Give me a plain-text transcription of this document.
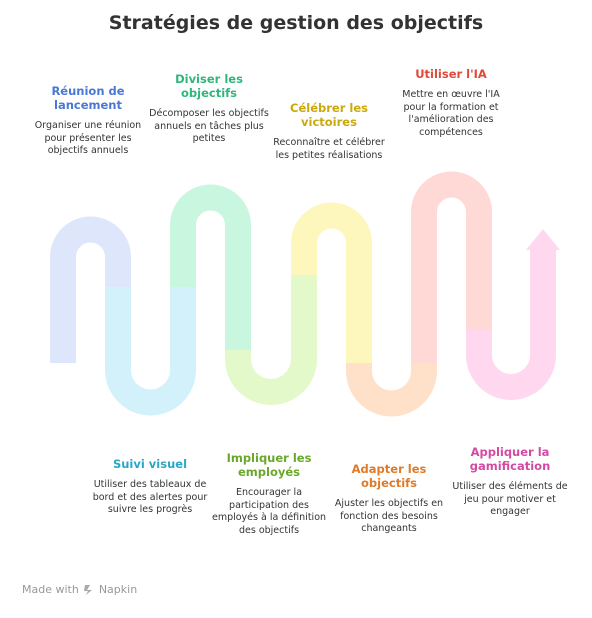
Stratégies de gestion des objectifs
Réunion de lancement
Organiser une réunion pour présenter les objectifs annuels
Suivi visuel
Utiliser des tableaux de bord et des alertes pour suivre les progrès
Diviser les objectifs
Décomposer les objectifs annuels en tâches plus petites
Impliquer les employés
Encourager la participation des employés à la définition des objectifs
Célébrer les victoires
Reconnaître et célébrer les petites réalisations
Adapter les objectifs
Ajuster les objectifs en fonction des besoins changeants
Utiliser l'IA
Mettre en œuvre l'IA pour la formation et l'amélioration des compétences
Appliquer la gamification
Utiliser des éléments de jeu pour motiver et engager
Made with Napkin
